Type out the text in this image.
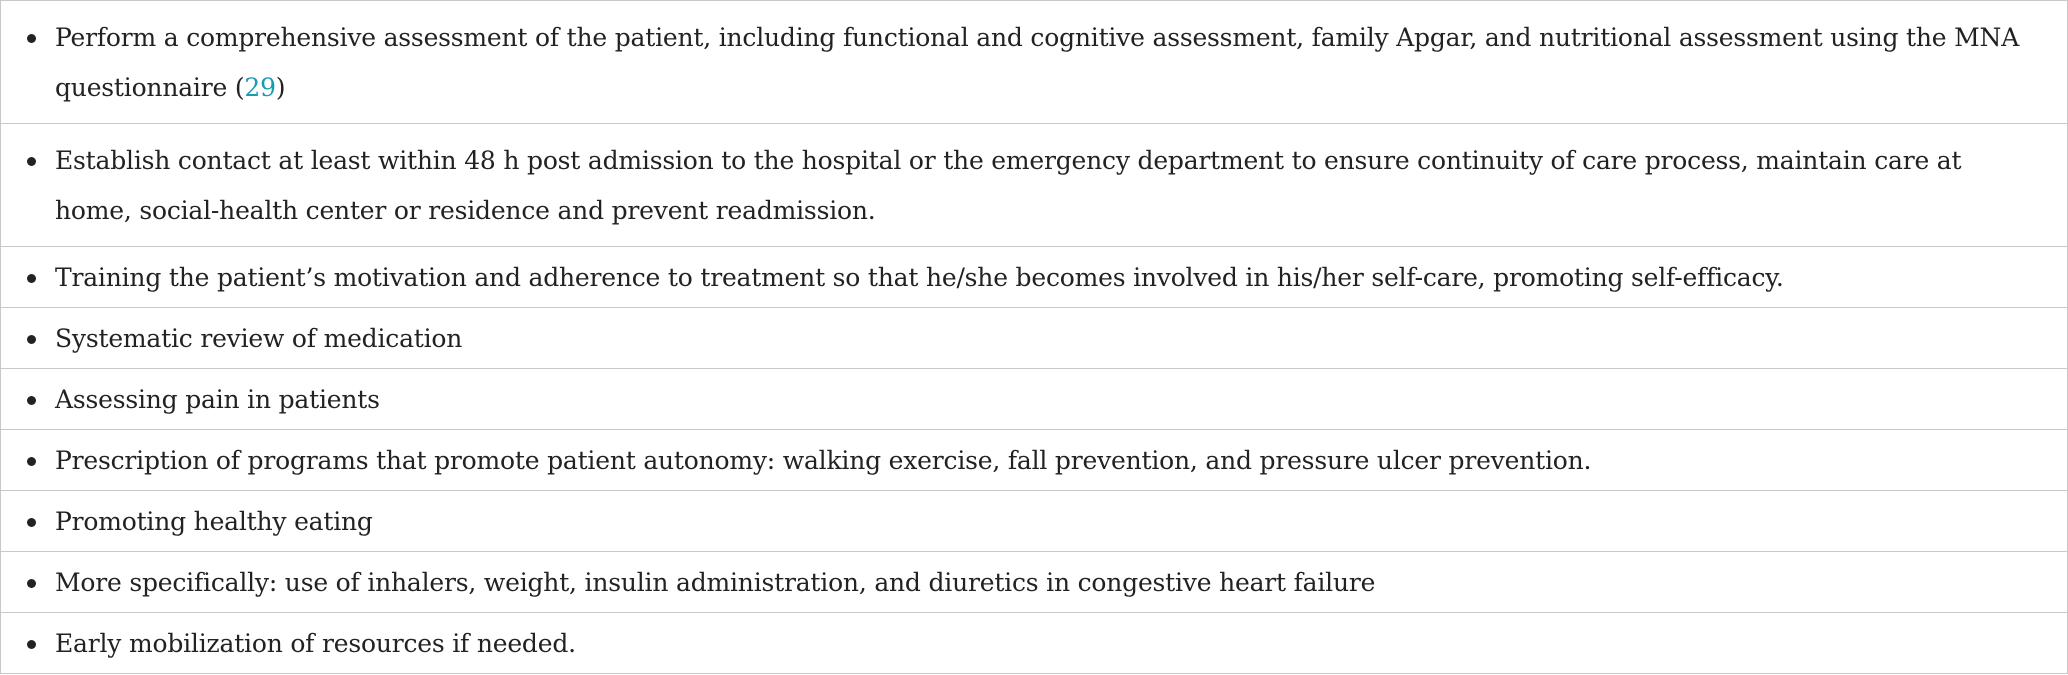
Perform a comprehensive assessment of the patient, including functional and cognitive assessment, family Apgar, and nutritional assessment using the MNA questionnaire (29)

Establish contact at least within 48 h post admission to the hospital or the emergency department to ensure continuity of care process, maintain care at home, social-health center or residence and prevent readmission.

Training the patient’s motivation and adherence to treatment so that he/she becomes involved in his/her self-care, promoting self-efficacy.

Systematic review of medication

Assessing pain in patients

Prescription of programs that promote patient autonomy: walking exercise, fall prevention, and pressure ulcer prevention.

Promoting healthy eating

More specifically: use of inhalers, weight, insulin administration, and diuretics in congestive heart failure

Early mobilization of resources if needed.
